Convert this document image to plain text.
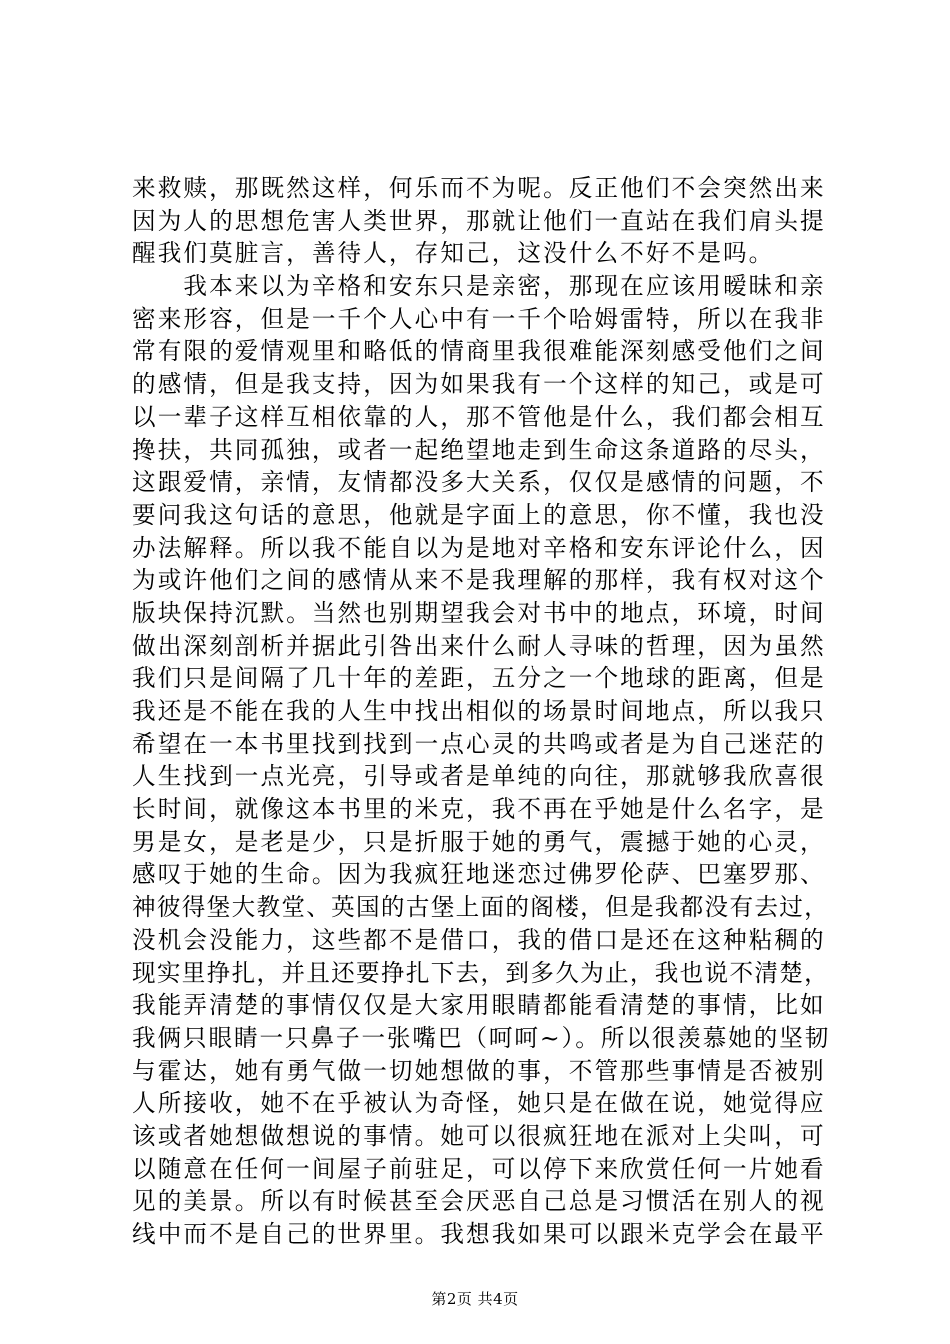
来救赎，那既然这样，何乐而不为呢。反正他们不会突然出来
因为人的思想危害人类世界，那就让他们一直站在我们肩头提
醒我们莫脏言，善待人，存知己，这没什么不好不是吗。
　　我本来以为辛格和安东只是亲密，那现在应该用暧昧和亲
密来形容，但是一千个人心中有一千个哈姆雷特，所以在我非
常有限的爱情观里和略低的情商里我很难能深刻感受他们之间
的感情，但是我支持，因为如果我有一个这样的知己，或是可
以一辈子这样互相依靠的人，那不管他是什么，我们都会相互
搀扶，共同孤独，或者一起绝望地走到生命这条道路的尽头，
这跟爱情，亲情，友情都没多大关系，仅仅是感情的问题，不
要问我这句话的意思，他就是字面上的意思，你不懂，我也没
办法解释。所以我不能自以为是地对辛格和安东评论什么，因
为或许他们之间的感情从来不是我理解的那样，我有权对这个
版块保持沉默。当然也别期望我会对书中的地点，环境，时间
做出深刻剖析并据此引咎出来什么耐人寻味的哲理，因为虽然
我们只是间隔了几十年的差距，五分之一个地球的距离，但是
我还是不能在我的人生中找出相似的场景时间地点，所以我只
希望在一本书里找到找到一点心灵的共鸣或者是为自己迷茫的
人生找到一点光亮，引导或者是单纯的向往，那就够我欣喜很
长时间，就像这本书里的米克，我不再在乎她是什么名字，是
男是女，是老是少，只是折服于她的勇气，震撼于她的心灵，
感叹于她的生命。因为我疯狂地迷恋过佛罗伦萨、巴塞罗那、
神彼得堡大教堂、英国的古堡上面的阁楼，但是我都没有去过，
没机会没能力，这些都不是借口，我的借口是还在这种粘稠的
现实里挣扎，并且还要挣扎下去，到多久为止，我也说不清楚，
我能弄清楚的事情仅仅是大家用眼睛都能看清楚的事情，比如
我俩只眼睛一只鼻子一张嘴巴（呵呵~）。所以很羡慕她的坚韧
与霍达，她有勇气做一切她想做的事，不管那些事情是否被别
人所接收，她不在乎被认为奇怪，她只是在做在说，她觉得应
该或者她想做想说的事情。她可以很疯狂地在派对上尖叫，可
以随意在任何一间屋子前驻足，可以停下来欣赏任何一片她看
见的美景。所以有时候甚至会厌恶自己总是习惯活在别人的视
线中而不是自己的世界里。我想我如果可以跟米克学会在最平
第2页 共4页
